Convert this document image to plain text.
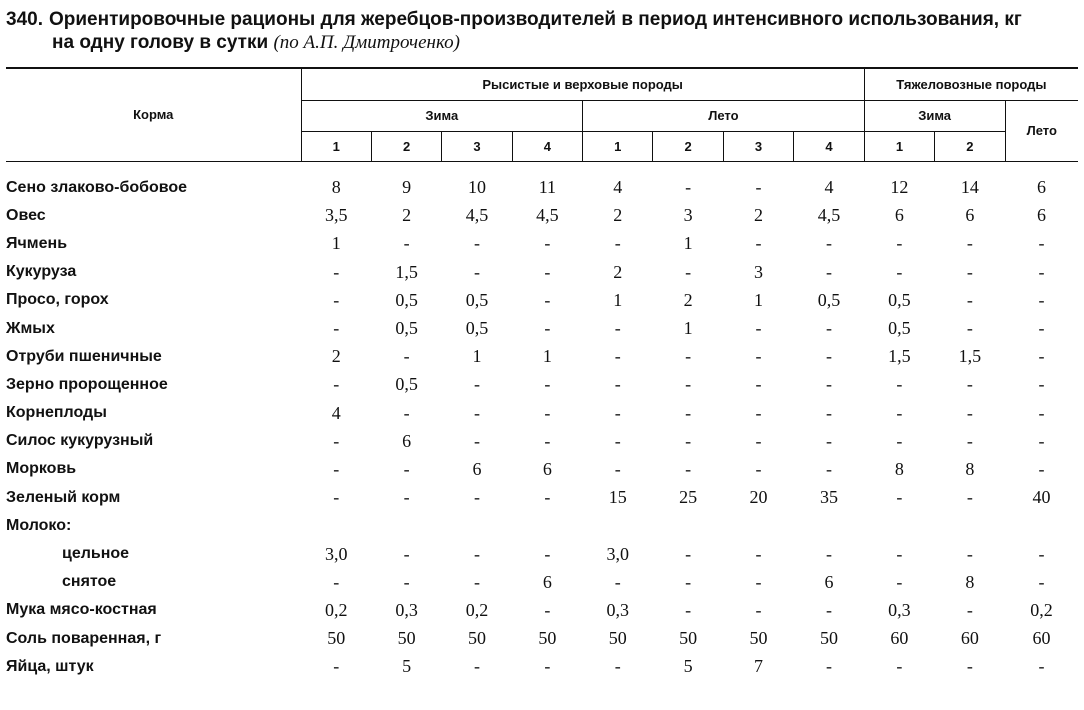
340. Ориентировочные рационы для жеребцов-производителей в период интенсивного использования, кг
на одну голову в сутки (по А.П. Дмитроченко)
Корма	Рысистые и верховые породы								Тяжеловозные породы		
	Зима				Лето				Зима		Лето
	1	2	3	4	1	2	3	4	1	2	
Сено злаково-бобовое	8	9	10	11	4	-	-	4	12	14	6
Овес	3,5	2	4,5	4,5	2	3	2	4,5	6	6	6
Ячмень	1	-	-	-	-	1	-	-	-	-	-
Кукуруза	-	1,5	-	-	2	-	3	-	-	-	-
Просо, горох	-	0,5	0,5	-	1	2	1	0,5	0,5	-	-
Жмых	-	0,5	0,5	-	-	1	-	-	0,5	-	-
Отруби пшеничные	2	-	1	1	-	-	-	-	1,5	1,5	-
Зерно пророщенное	-	0,5	-	-	-	-	-	-	-	-	-
Корнеплоды	4	-	-	-	-	-	-	-	-	-	-
Силос кукурузный	-	6	-	-	-	-	-	-	-	-	-
Морковь	-	-	6	6	-	-	-	-	8	8	-
Зеленый корм	-	-	-	-	15	25	20	35	-	-	40
Молоко:											
цельное	3,0	-	-	-	3,0	-	-	-	-	-	-
снятое	-	-	-	6	-	-	-	6	-	8	-
Мука мясо-костная	0,2	0,3	0,2	-	0,3	-	-	-	0,3	-	0,2
Соль поваренная, г	50	50	50	50	50	50	50	50	60	60	60
Яйца, штук	-	5	-	-	-	5	7	-	-	-	-
